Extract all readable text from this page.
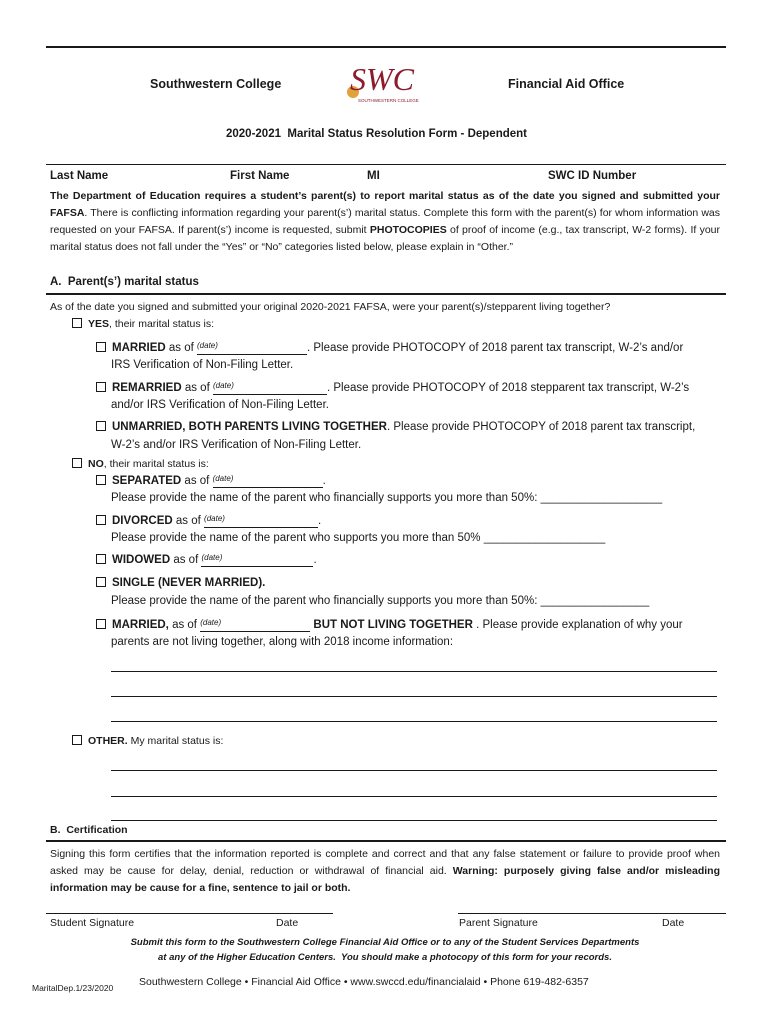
Southwestern College SWC
SOUTHWESTERN COLLEGE
Financial Aid Office
2020-2021  Marital Status Resolution Form - Dependent
Last Name	First Name	MI	SWC ID Number
The Department of Education requires a student’s parent(s) to report marital status as of the date you signed and submitted your FAFSA. There is conflicting information regarding your parent(s’) marital status. Complete this form with the parent(s) for whom information was requested on your FAFSA. If parent(s’) income is requested, submit PHOTOCOPIES of proof of income (e.g., tax transcript, W-2 forms). If your marital status does not fall under the “Yes” or “No” categories listed below, please explain in “Other.”
A.  Parent(s’) marital status
As of the date you signed and submitted your original 2020-2021 FAFSA, were your parent(s)/stepparent living together?
YES, their marital status is:
MARRIED as of $^{(date)}$	. Please provide PHOTOCOPY of 2018 parent tax transcript, W-2’s and/or
IRS Verification of Non-Filing Letter.
REMARRIED as of $^{(date)}$	. Please provide PHOTOCOPY of 2018 stepparent tax transcript, W-2’s
and/or IRS Verification of Non-Filing Letter.
UNMARRIED, BOTH PARENTS LIVING TOGETHER. Please provide PHOTOCOPY of 2018 parent tax transcript,
W-2’s and/or IRS Verification of Non-Filing Letter.
NO, their marital status is:
SEPARATED as of $^{(date)}$	.
Please provide the name of the parent who financially supports you more than 50%: ___________________
DIVORCED as of $^{(date)}$	.
Please provide the name of the parent who supports you more than 50% ___________________
WIDOWED as of $^{(date)}$	.
SINGLE (NEVER MARRIED).
Please provide the name of the parent who financially supports you more than 50%: _________________
MARRIED, as of $^{(date)}$	BUT NOT LIVING TOGETHER . Please provide explanation of why your
parents are not living together, along with 2018 income information:
OTHER. My marital status is:
B.  Certification
Signing this form certifies that the information reported is complete and correct and that any false statement or failure to provide proof when asked may be cause for delay, denial, reduction or withdrawal of financial aid. Warning: purposely giving false and/or misleading information may be cause for a fine, sentence to jail or both.
Student Signature	Date	Parent Signature	Date
Submit this form to the Southwestern College Financial Aid Office or to any of the Student Services Departments
at any of the Higher Education Centers.  You should make a photocopy of this form for your records.
MaritalDep.1/23/2020 Southwestern College • Financial Aid Office • www.swccd.edu/financialaid • Phone 619-482-6357
